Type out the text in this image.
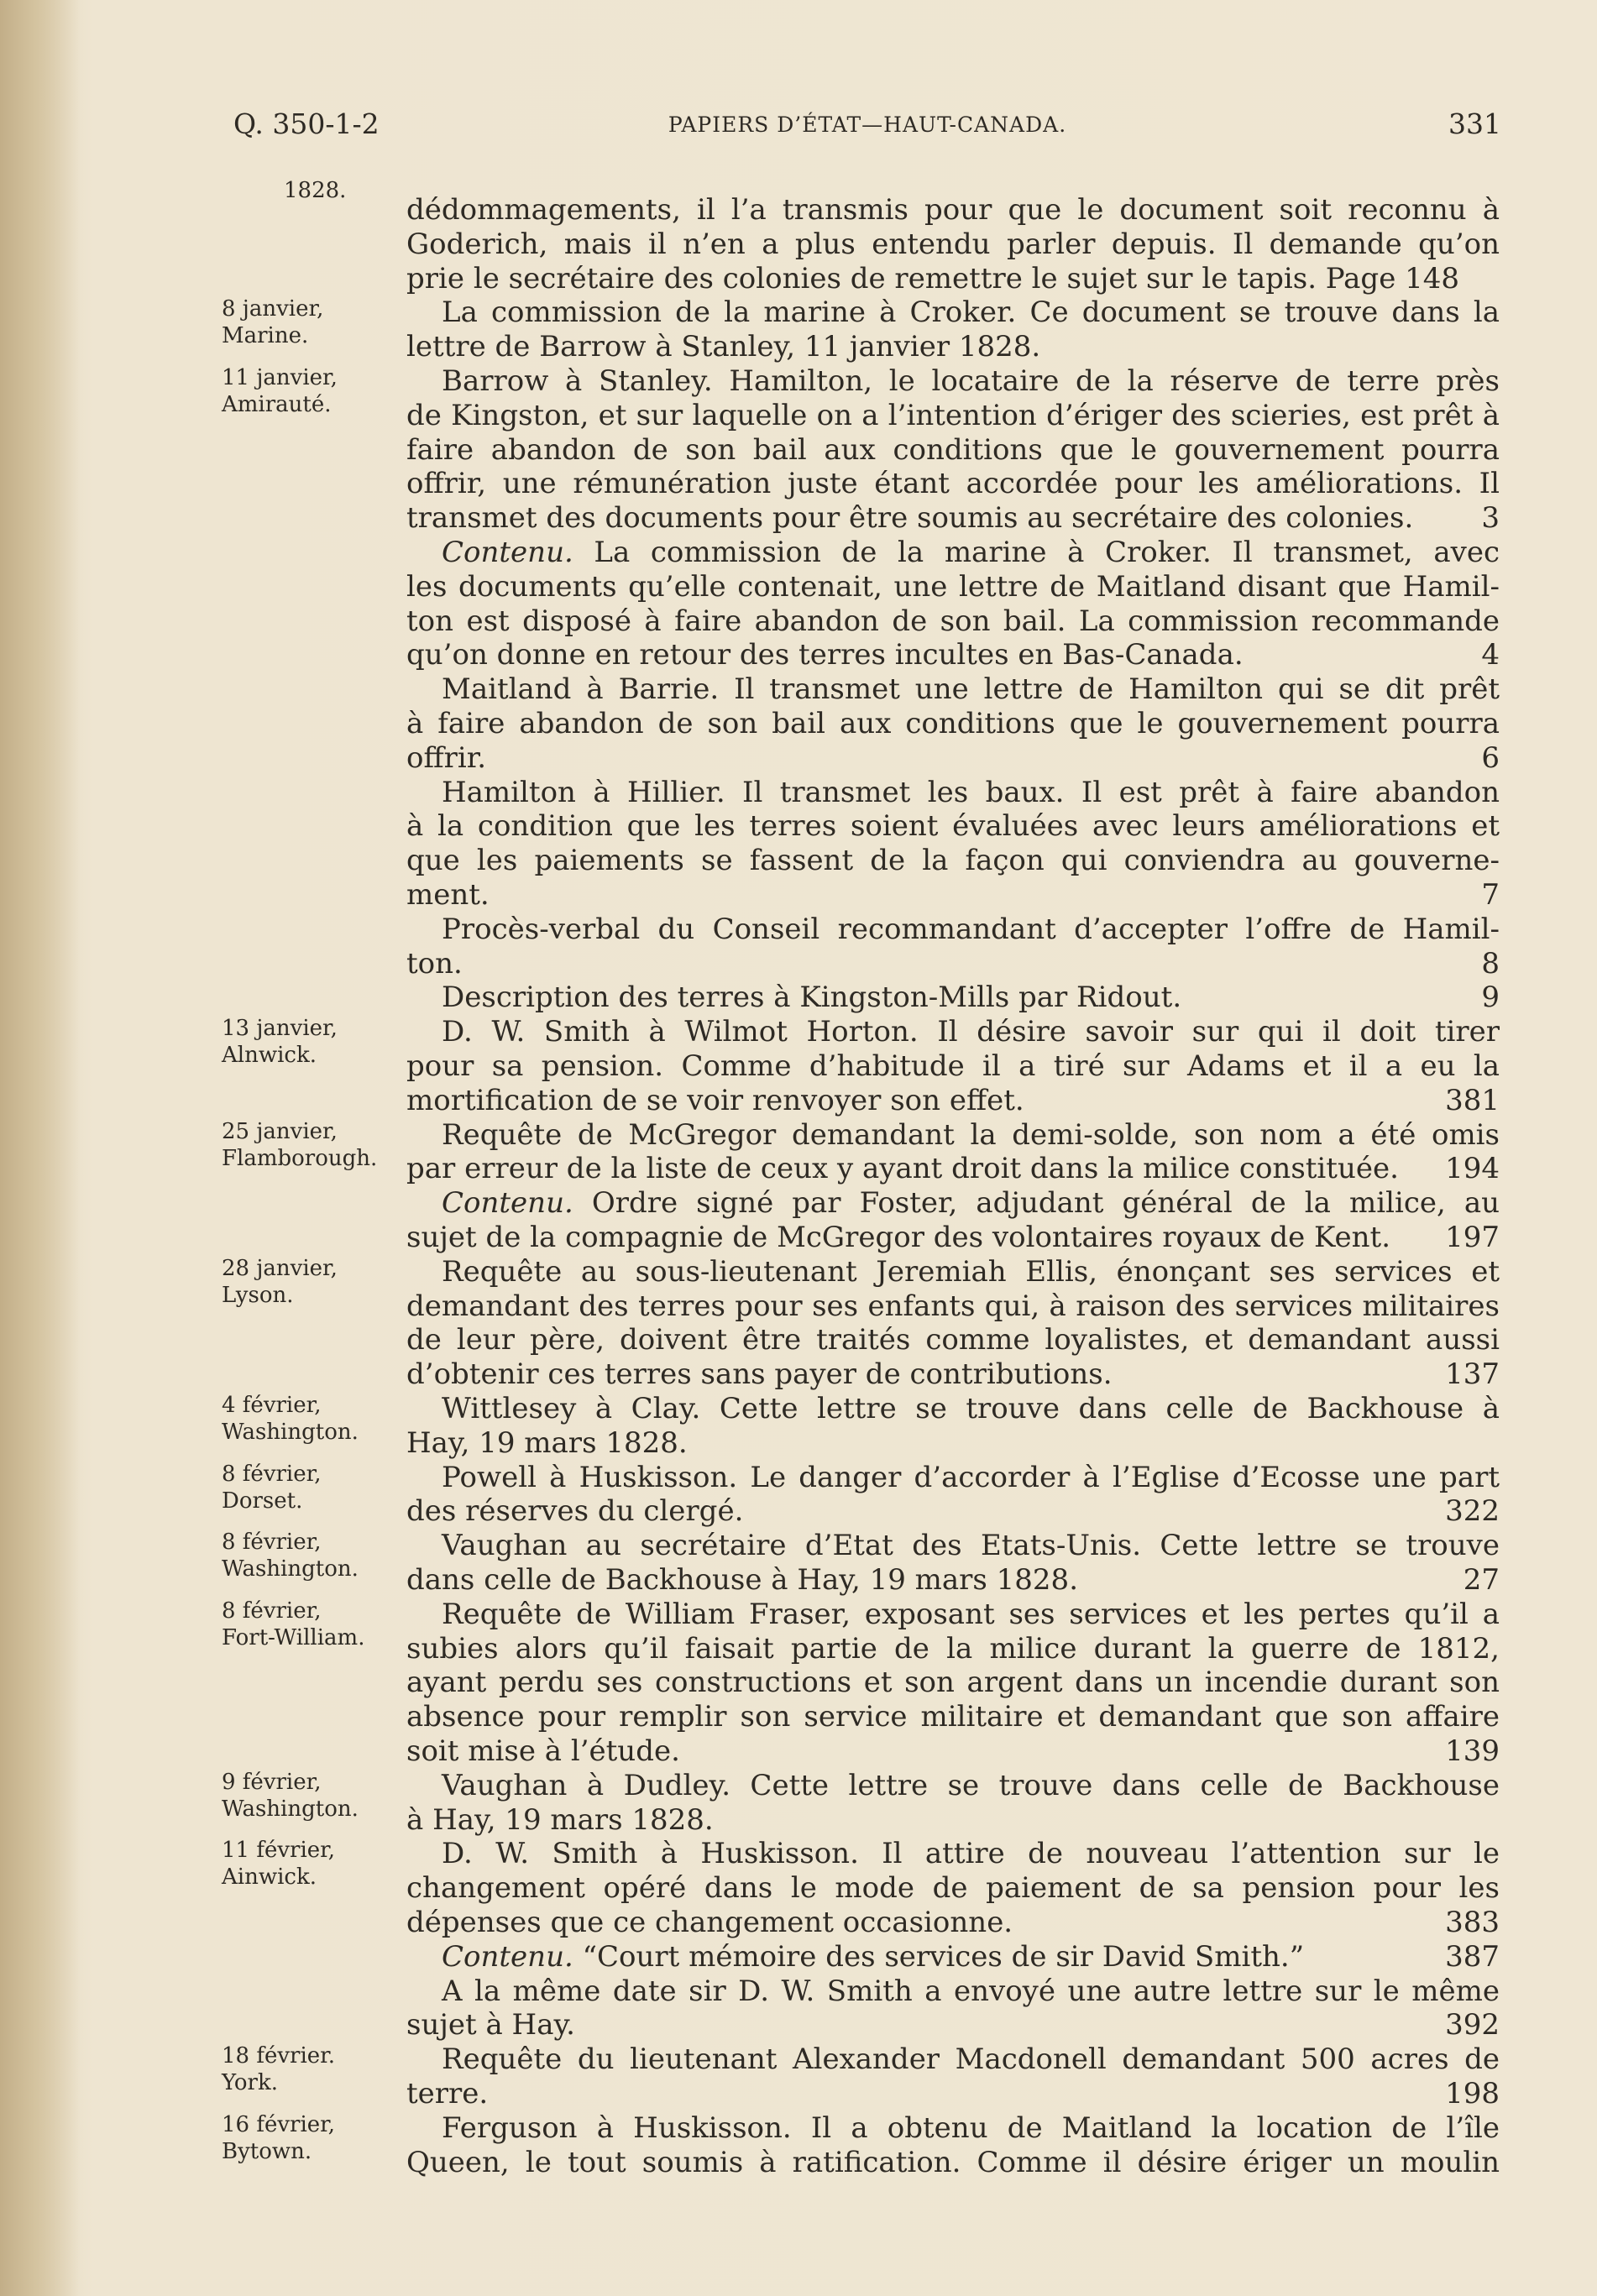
Q. 350-1-2	PAPIERS D’ÉTAT—HAUT-CANADA.	331
1828.
dédommagements, il l’a transmis pour que le document soit reconnu à
Goderich, mais il n’en a plus entendu parler depuis. Il demande qu’on
prie le secrétaire des colonies de remettre le sujet sur le tapis. Page 148
8 janvier,
Marine.
La commission de la marine à Croker. Ce document se trouve dans la
lettre de Barrow à Stanley, 11 janvier 1828.
11 janvier,
Amirauté.
Barrow à Stanley. Hamilton, le locataire de la réserve de terre près
de Kingston, et sur laquelle on a l’intention d’ériger des scieries, est prêt à
faire abandon de son bail aux conditions que le gouvernement pourra
offrir, une rémunération juste étant accordée pour les améliorations. Il
transmet des documents pour être soumis au secrétaire des colonies. 3
Contenu. La commission de la marine à Croker. Il transmet, avec
les documents qu’elle contenait, une lettre de Maitland disant que Hamil-
ton est disposé à faire abandon de son bail. La commission recommande
qu’on donne en retour des terres incultes en Bas-Canada.	4
Maitland à Barrie. Il transmet une lettre de Hamilton qui se dit prêt
à faire abandon de son bail aux conditions que le gouvernement pourra
offrir.	6
Hamilton à Hillier. Il transmet les baux. Il est prêt à faire abandon
à la condition que les terres soient évaluées avec leurs améliorations et
que les paiements se fassent de la façon qui conviendra au gouverne-
ment.	7
Procès-verbal du Conseil recommandant d’accepter l’offre de Hamil-
ton.	8
Description des terres à Kingston-Mills par Ridout.	9
13 janvier,
Alnwick.
D. W. Smith à Wilmot Horton. Il désire savoir sur qui il doit tirer
pour sa pension. Comme d’habitude il a tiré sur Adams et il a eu la
mortification de se voir renvoyer son effet.	381
25 janvier,
Flamborough.
Requête de McGregor demandant la demi-solde, son nom a été omis
par erreur de la liste de ceux y ayant droit dans la milice constituée. 194
Contenu. Ordre signé par Foster, adjudant général de la milice, au
sujet de la compagnie de McGregor des volontaires royaux de Kent. 197
28 janvier,
Lyson.
Requête au sous-lieutenant Jeremiah Ellis, énonçant ses services et
demandant des terres pour ses enfants qui, à raison des services militaires
de leur père, doivent être traités comme loyalistes, et demandant aussi
d’obtenir ces terres sans payer de contributions.	137
4 février,
Washington.
Wittlesey à Clay. Cette lettre se trouve dans celle de Backhouse à
Hay, 19 mars 1828.
8 février,
Dorset.
Powell à Huskisson. Le danger d’accorder à l’Eglise d’Ecosse une part
des réserves du clergé.	322
8 février,
Washington.
Vaughan au secrétaire d’Etat des Etats-Unis. Cette lettre se trouve
dans celle de Backhouse à Hay, 19 mars 1828.	27
8 février,
Fort-William.
Requête de William Fraser, exposant ses services et les pertes qu’il a
subies alors qu’il faisait partie de la milice durant la guerre de 1812,
ayant perdu ses constructions et son argent dans un incendie durant son
absence pour remplir son service militaire et demandant que son affaire
soit mise à l’étude.	139
9 février,
Washington.
Vaughan à Dudley. Cette lettre se trouve dans celle de Backhouse
à Hay, 19 mars 1828.
11 février,
Ainwick.
D. W. Smith à Huskisson. Il attire de nouveau l’attention sur le
changement opéré dans le mode de paiement de sa pension pour les
dépenses que ce changement occasionne.	383
Contenu. “Court mémoire des services de sir David Smith.”	387
A la même date sir D. W. Smith a envoyé une autre lettre sur le même
sujet à Hay.	392
18 février.
York.
Requête du lieutenant Alexander Macdonell demandant 500 acres de
terre.	198
16 février,
Bytown.
Ferguson à Huskisson. Il a obtenu de Maitland la location de l’île
Queen, le tout soumis à ratification. Comme il désire ériger un moulin
